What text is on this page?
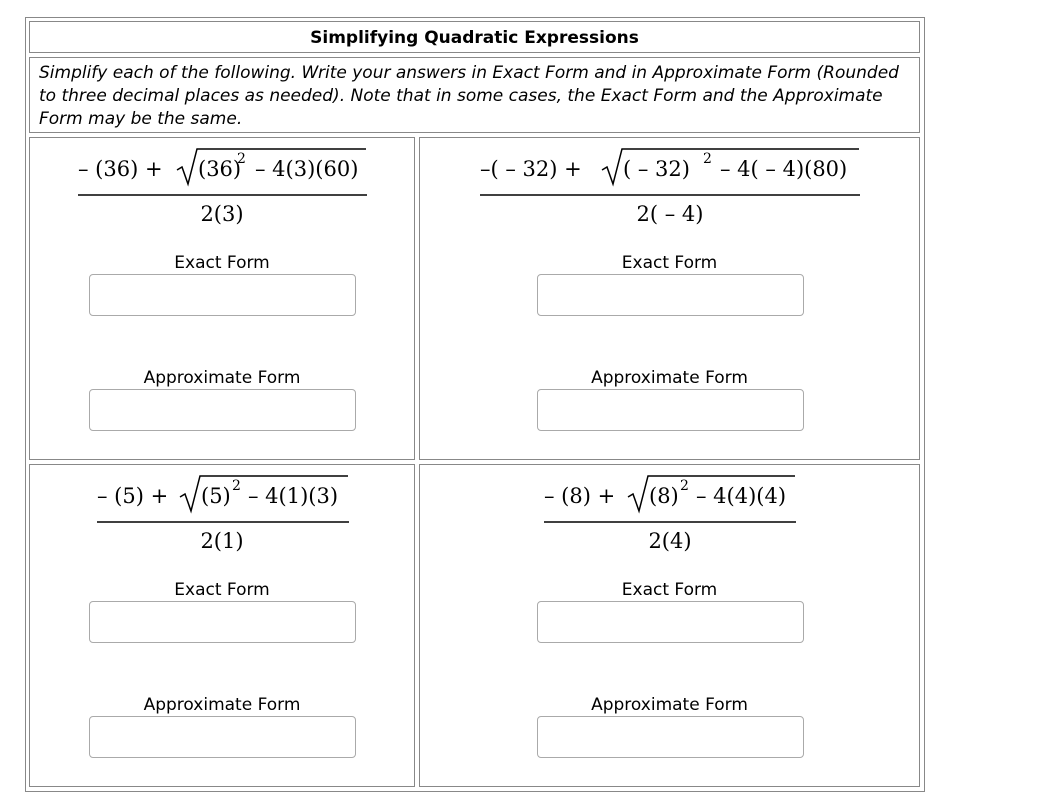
Simplifying Quadratic Expressions
Simplify each of the following. Write your answers in Exact Form and in Approximate Form (Rounded
to three decimal places as needed). Note that in some cases, the Exact Form and the Approximate
Form may be the same.
– (36) + (36)
2 – 4(3)(60)
2(3)
Exact Form
Approximate Form
–( – 32) + ( – 32) 2 – 4( – 4)(80)
2( – 4)
Exact Form
Approximate Form
– (5) + (5) 2 – 4(1)(3)
2(1)
Exact Form
Approximate Form
– (8) + (8) 2 – 4(4)(4)
2(4)
Exact Form
Approximate Form
